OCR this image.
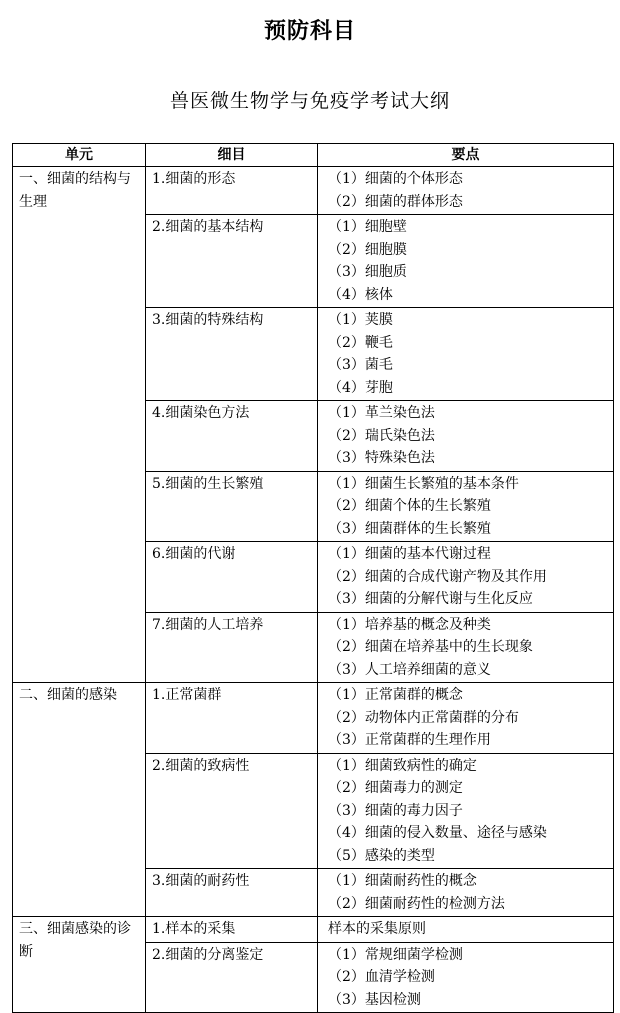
预防科目
兽医微生物学与免疫学考试大纲
单元	细目	要点
一、细菌的结构与生理	1.细菌的形态	（1）细菌的个体形态
（2）细菌的群体形态

	2.细菌的基本结构	（1）细胞壁
（2）细胞膜
（3）细胞质
（4）核体

	3.细菌的特殊结构	（1）荚膜
（2）鞭毛
（3）菌毛
（4）芽胞

	4.细菌染色方法	（1）革兰染色法
（2）瑞氏染色法
（3）特殊染色法

	5.细菌的生长繁殖	（1）细菌生长繁殖的基本条件
（2）细菌个体的生长繁殖
（3）细菌群体的生长繁殖

	6.细菌的代谢	（1）细菌的基本代谢过程
（2）细菌的合成代谢产物及其作用
（3）细菌的分解代谢与生化反应

	7.细菌的人工培养	（1）培养基的概念及种类
（2）细菌在培养基中的生长现象
（3）人工培养细菌的意义

二、细菌的感染	1.正常菌群	（1）正常菌群的概念
（2）动物体内正常菌群的分布
（3）正常菌群的生理作用

	2.细菌的致病性	（1）细菌致病性的确定
（2）细菌毒力的测定
（3）细菌的毒力因子
（4）细菌的侵入数量、途径与感染
（5）感染的类型

	3.细菌的耐药性	（1）细菌耐药性的概念
（2）细菌耐药性的检测方法

三、细菌感染的诊断	1.样本的采集	样本的采集原则

	2.细菌的分离鉴定	（1）常规细菌学检测
（2）血清学检测
（3）基因检测
